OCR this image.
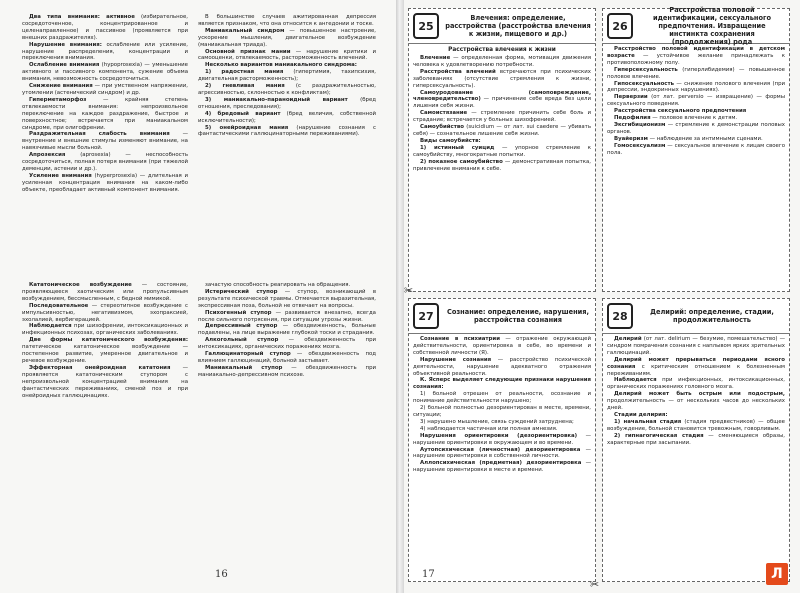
Два типа внимания: активное (избирательное, сосредоточенное, концентрированное и целенаправленное) и пассивное (проявляется при внешних раздражителях).

Нарушение внимания: ослабление или усиление, нарушение распределения, концентрации и переключения внимания.

Ослабление внимания (hypoprosexia) — уменьшение активного и пассивного компонента, сужение объема внимания, невозможность сосредоточиться.

Снижение внимания — при умственном напряжении, утомлении (астенический синдром) и др.

Гиперметаморфоз — крайняя степень отвлекаемости внимания: непроизвольное переключение на каждое раздражение, быстрое и поверхностное; встречается при маниакальном синдроме, при олигофрении.

Раздражительная слабость внимания — внутренние и внешние стимулы изменяют внимание, на навязчивые мысли больной.

Апрозексия (aprosexia) — неспособность сосредоточиться, полная потеря внимания (при тяжелой деменции, астении и др.).

Усиление внимания (hyperprosexia) — длительная и усиленная концентрация внимания на каком-либо объекте, преобладает активный компонент внимания.

Кататоническое возбуждение — состояние, проявляющееся хаотическим или пропульсивным возбуждением, бессмысленным, с бедной мимикой.

Последовательное — стереотипное возбуждение с импульсивностью, негативизмом, эхопраксией, эхолалией, вербигерацией.

Наблюдается при шизофрении, интоксикационных и инфекционных психозах, органических заболеваниях.

Две формы кататонического возбуждения: патетическое кататоническое возбуждение — постепенное развитие, умеренное двигательное и речевое возбуждение.

Эффекторная онейроидная кататония — проявляется кататоническим ступором с непроизвольной концентрацией внимания на фантастических переживаниях, сменой поз и при онейроидных галлюцинациях.

В большинстве случаев ажитированная депрессия является признаком, что она относится к ангедонии и тоске.

Маниакальный синдром — повышенное настроение, ускорение мышления, двигательное возбуждение (маниакальная триада).

Основной признак мании — нарушение критики и самооценки, отвлекаемость, расторможенность влечений.

Несколько вариантов маниакального синдрома:

1) радостная мания (гипертимия, тахипсихия, двигательная расторможенность);

2) гневливая мания (с раздражительностью, агрессивностью, склонностью к конфликтам);

3) маниакально-параноидный вариант (бред отношения, преследования);

4) бредовый вариант (бред величия, собственной исключительности);

5) онейроидная мания (нарушение сознания с фантастическими галлюцинаторными переживаниями).

зачастую способность реагировать на обращения.

Истерический ступор — ступор, возникающий в результате психической травмы. Отмечается выразительная, экспрессивная поза, больной не отвечает на вопросы.

Психогенный ступор — развивается внезапно, всегда после сильного потрясения, при ситуации угрозы жизни.

Депрессивный ступор — обездвиженность, больные подавлены, на лице выражение глубокой тоски и страдания.

Алкогольный ступор — обездвиженность при интоксикациях, органических поражениях мозга.

Галлюцинаторный ступор — обездвиженность под влиянием галлюцинаций, больной застывает.

Маниакальный ступор — обездвиженность при маниакально-депрессивном психозе.

16
25
Влечения: определение, расстройства (расстройства влечения к жизни, пищевого и др.)
Расстройства влечения к жизни

Влечение — определенная форма, мотивация движения человека к удовлетворению потребности.

Расстройства влечений встречаются при психических заболеваниях (отсутствие стремления к жизни, гиперсексуальность).

Самоуродование (самоповреждение, членовредительство) — причинение себе вреда без цели лишения себя жизни.

Самоистязание — стремление причинить себе боль и страдание; встречается у больных шизофренией.

Самоубийство (suicidium — от лат. sui caedere — убивать себя) — сознательное лишение себя жизни.

Виды самоубийств:

1) истинный суицид — упорное стремление к самоубийству, многократные попытки.

2) показное самоубийство — демонстративная попытка, привлечение внимания к себе.

26
Расстройства половой идентификации, сексуального предпочтения. Извращение инстинкта сохранения (продолжения) рода

Расстройство половой идентификации в детском возрасте — устойчивое желание принадлежать к противоположному полу.

Гиперсексуальность (гиперлибидемия) — повышенное половое влечение.

Гипосексуальность — снижение полового влечения (при депрессии, эндокринных нарушениях).

Перверзии (от лат. perversio — извращение) — формы сексуального поведения.

Расстройства сексуального предпочтения

Педофилия — половое влечение к детям.

Эксгибиционизм — стремление к демонстрации половых органов.

Вуайеризм — наблюдение за интимными сценами.

Гомосексуализм — сексуальное влечение к лицам своего пола.

27	Сознание: определение, нарушения, расстройства сознания

Сознание в психиатрии — отражение окружающей действительности, ориентировка в себе, во времени и собственной личности (Я).

Нарушение сознания — расстройство психической деятельности, нарушение адекватного отражения объективной реальности.

К. Ясперс выделяет следующие признаки нарушения сознания:

1) больной отрешен от реальности, осознание и понимание действительности нарушено;

2) больной полностью дезориентирован в месте, времени, ситуации;

3) нарушено мышление, связь суждений затруднена;

4) наблюдается частичная или полная амнезия.

Нарушения ориентировки (дезориентировка) — нарушение ориентировки в окружающем и во времени.

Аутопсихическая (личностная) дезориентировка — нарушение ориентировки в собственной личности.

Аллопсихическая (предметная) дезориентировка — нарушение ориентировки в месте и времени.

28	Делирий: определение, стадии, продолжительность

Делирий (от лат. delirium — безумие, помешательство) — синдром помрачения сознания с наплывом ярких зрительных галлюцинаций.

Делирий может прерываться периодами ясного сознания с критическим отношением к болезненным переживаниям.

Наблюдается при инфекционных, интоксикационных, органических поражениях головного мозга.

Делирий может быть острым или подострым, продолжительность — от нескольких часов до нескольких дней.

Стадии делирия:

1) начальная стадия (стадия предвестников) — общее возбуждение, больной становится тревожным, говорливым.

2) гипнагогическая стадия — сменяющиеся образы, характерные при засыпании.

✂
✂
17	Л
